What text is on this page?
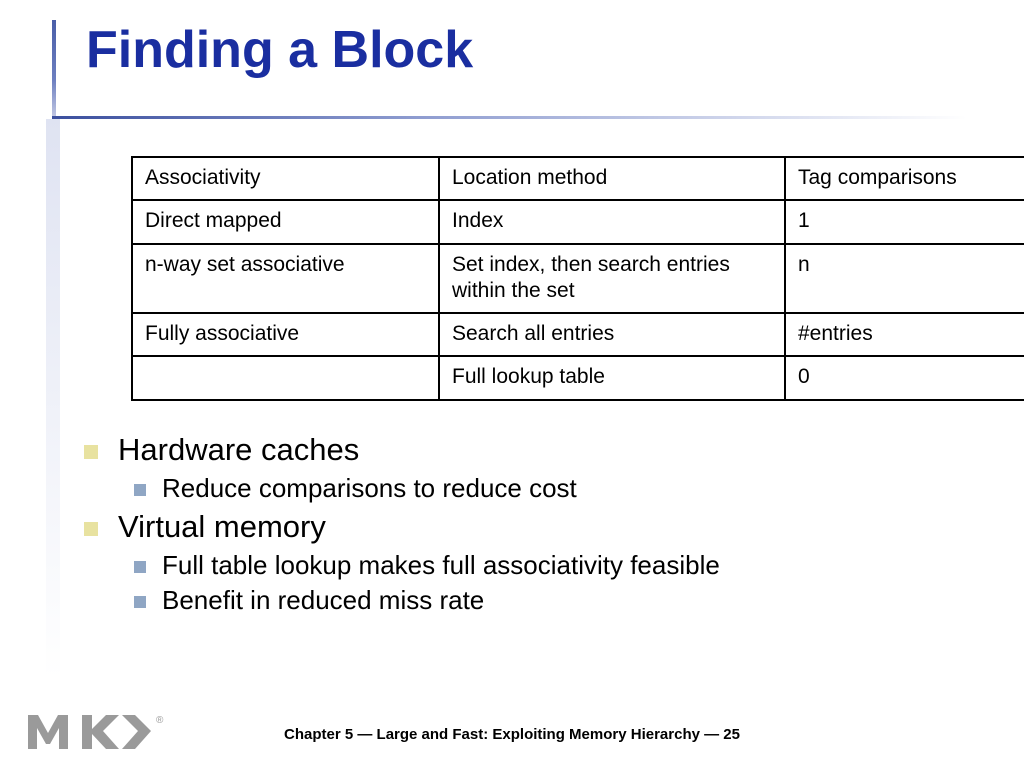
Finding a Block
Associativity	Location method	Tag comparisons
Direct mapped	Index	1
n-way set associative	Set index, then search entries within the set	n
Fully associative	Search all entries	#entries
	Full lookup table	0
Hardware caches
Reduce comparisons to reduce cost
Virtual memory
Full table lookup makes full associativity feasible
Benefit in reduced miss rate
®
Chapter 5 — Large and Fast: Exploiting Memory Hierarchy — 25
